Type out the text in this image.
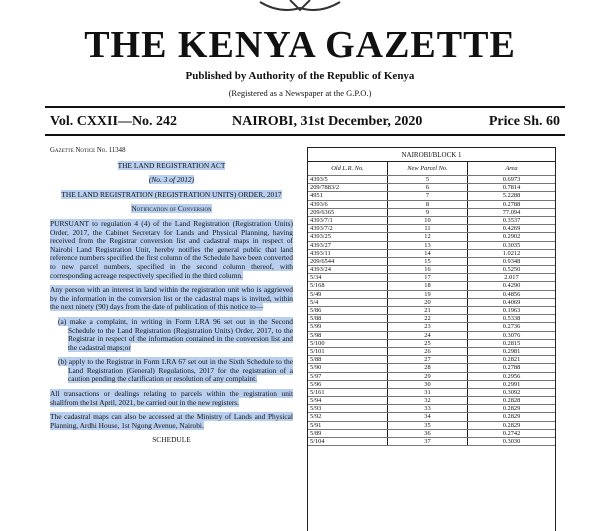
THE KENYA GAZETTE
Published by Authority of the Republic of Kenya
(Registered as a Newspaper at the G.P.O.)
Vol. CXXII—No. 242	NAIROBI, 31st December, 2020	Price Sh. 60
Gazette Notice No. 11348
THE LAND REGISTRATION ACT
(No. 3 of 2012)
THE LAND REGISTRATION (REGISTRATION UNITS) ORDER, 2017
Notification of Conversion

PURSUANT to regulation 4 (4) of the Land Registration (Registration Units) Order, 2017, the Cabinet Secretary for Lands and Physical Planning, having received from the Registrar conversion list and cadastral maps in respect of Nairobi Land Registration Unit, hereby notifies the general public that land reference numbers specified the first column of the Schedule have been converted to new parcel numbers, specified in the second column thereof, with corresponding acreage respectively specified in the third column.

Any person with an interest in land within the registration unit who is aggrieved by the information in the conversion list or the cadastral maps is invited, within the next ninety (90) days from the date of publication of this notice to—

(a) make a complaint, in writing in Form LRA 96 set out in the Second Schedule to the Land Registration (Registration Units) Order, 2017, to the Registrar in respect of the information contained in the conversion list and the cadastral maps;or

(b) apply to the Registrar in Form LRA 67 set out in the Sixth Schedule to the Land Registration (General) Regulations, 2017 for the registration of a caution pending the clarification or resolution of any complaint.

All transactions or dealings relating to parcels within the registration unit shallfrom the1st April, 2021, be carried out in the new registers.

The cadastral maps can also be accessed at the Ministry of Lands and Physical Planning, Ardhi House, 1st Ngong Avenue, Nairobi.

SCHEDULE
NAIROBI/BLOCK 1
Old L.R. No.	New Parcel No.	Area
4393/5	5	0.6973
209/7883/2	6	0.7814
4951	7	5.2288
4393/6	8	0.2788
209/6365	9	77.094
4393/7/1	10	0.3537
4393/7/2	11	0.4269
4393/25	12	0.2902
4393/27	13	0.3035
4393/11	14	1.0212
209/6544	15	0.9348
4393/24	16	0.5250
5/34	17	2.017
5/168	18	0.4290
5/49	19	0.4856
5/4	20	0.4069
5/86	21	0.1963
5/88	22	0.5338
5/99	23	0.2736
5/98	24	0.3076
5/100	25	0.2815
5/101	26	0.2981
5/88	27	0.2821
5/90	28	0.2788
5/97	29	0.2956
5/96	30	0.2991
5/161	31	0.3092
5/94	32	0.2828
5/93	33	0.2829
5/92	34	0.2829
5/91	35	0.2829
5/89	36	0.2742
5/104	37	0.3030
